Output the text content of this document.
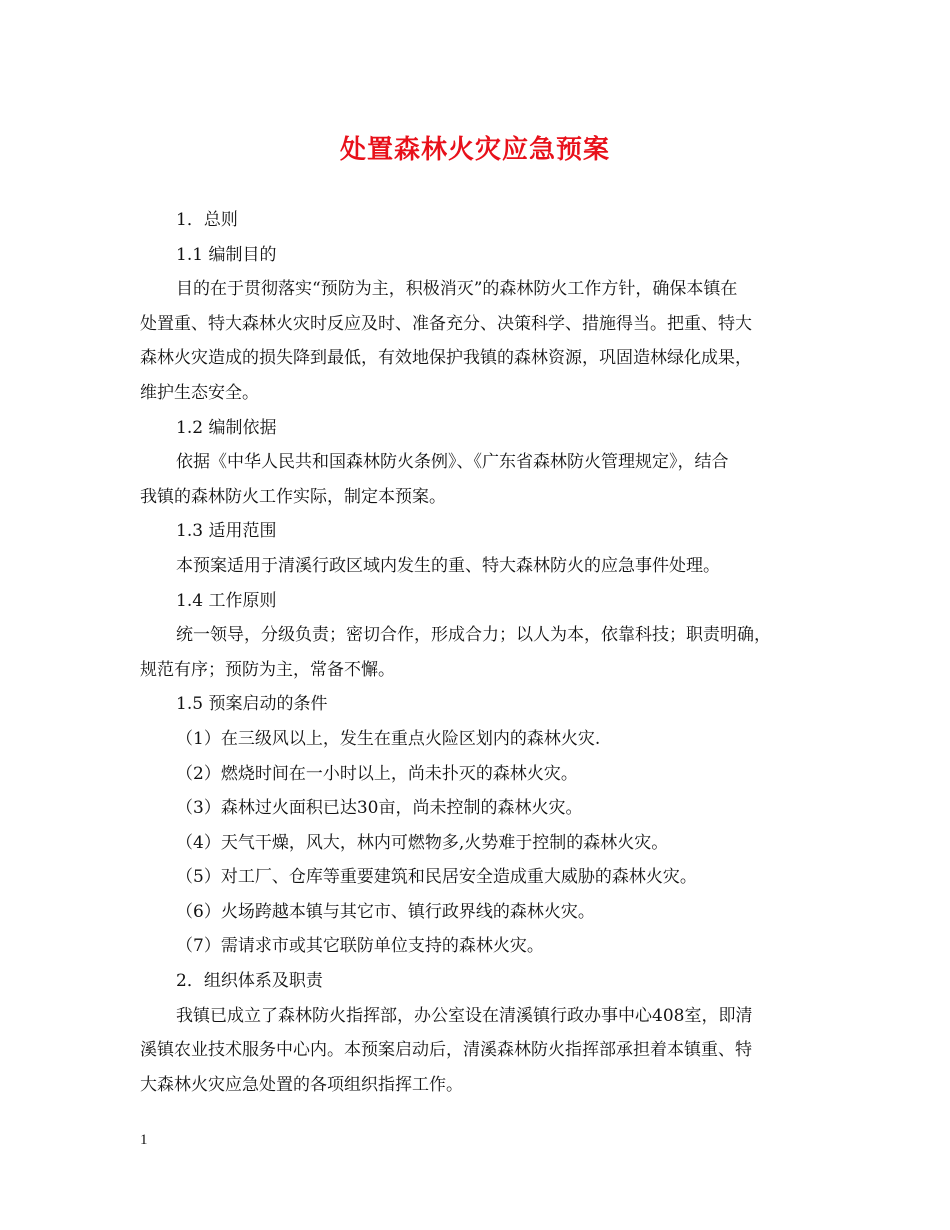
处置森林火灾应急预案
1．总则
1.1 编制目的
目的在于贯彻落实“预防为主，积极消灭”的森林防火工作方针，确保本镇在
处置重、特大森林火灾时反应及时、准备充分、决策科学、措施得当。把重、特大
森林火灾造成的损失降到最低，有效地保护我镇的森林资源，巩固造林绿化成果，
维护生态安全。
1.2 编制依据
依据《中华人民共和国森林防火条例》、《广东省森林防火管理规定》，结合
我镇的森林防火工作实际，制定本预案。
1.3 适用范围
本预案适用于清溪行政区域内发生的重、特大森林防火的应急事件处理。
1.4 工作原则
统一领导，分级负责；密切合作，形成合力；以人为本，依靠科技；职责明确，
规范有序；预防为主，常备不懈。
1.5 预案启动的条件
（1）在三级风以上，发生在重点火险区划内的森林火灾.
（2）燃烧时间在一小时以上，尚未扑灭的森林火灾。
（3）森林过火面积已达30亩，尚未控制的森林火灾。
（4）天气干燥，风大，林内可燃物多,火势难于控制的森林火灾。
（5）对工厂、仓库等重要建筑和民居安全造成重大威胁的森林火灾。
（6）火场跨越本镇与其它市、镇行政界线的森林火灾。
（7）需请求市或其它联防单位支持的森林火灾。
2．组织体系及职责
我镇已成立了森林防火指挥部，办公室设在清溪镇行政办事中心408室，即清
溪镇农业技术服务中心内。本预案启动后，清溪森林防火指挥部承担着本镇重、特
大森林火灾应急处置的各项组织指挥工作。
1
